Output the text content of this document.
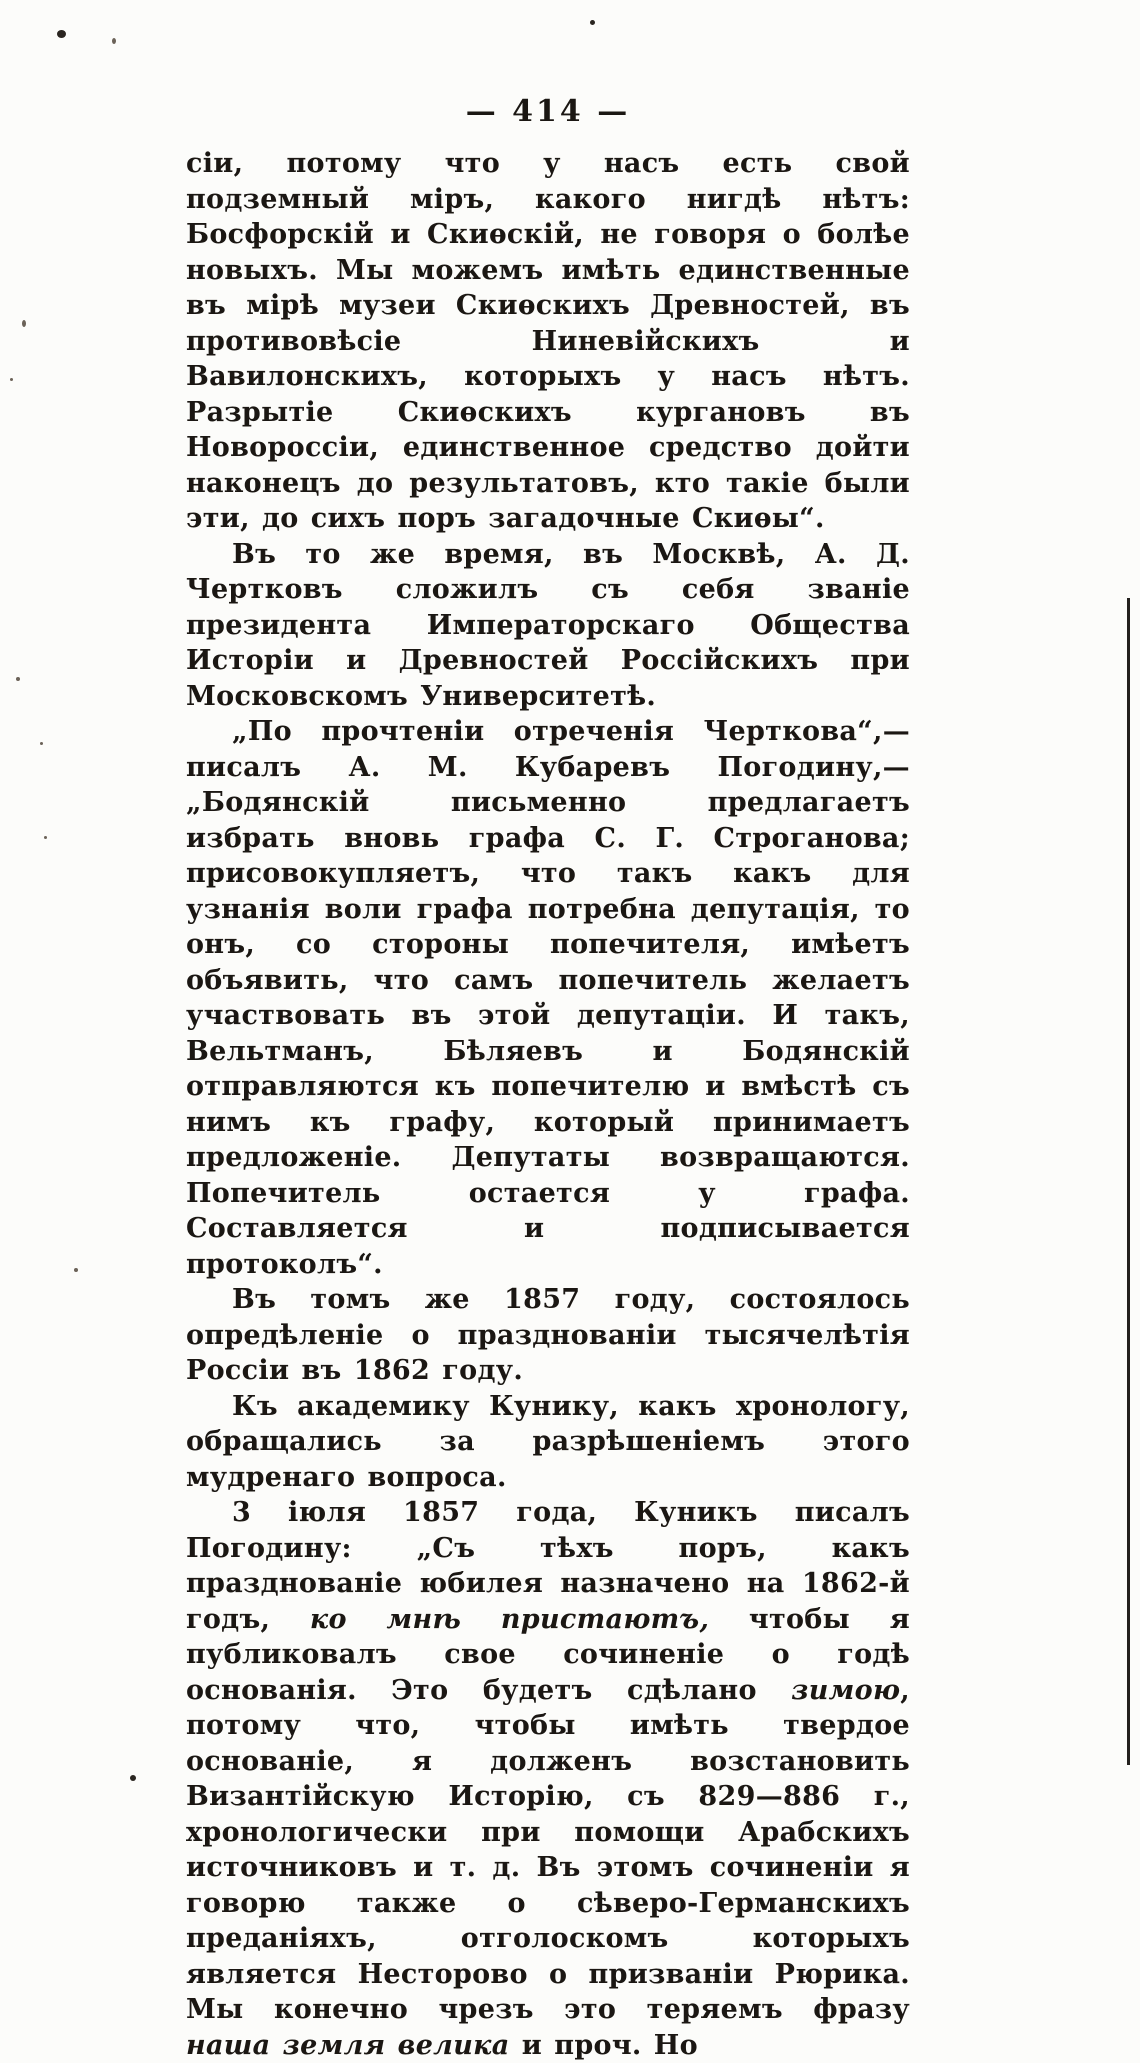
— 414 —

сіи, потому что у насъ есть свой подземный міръ, какого нигдѣ нѣтъ: Босфорскій и Скиѳскій, не говоря о болѣе новыхъ. Мы можемъ имѣть единственные въ мірѣ музеи Скиѳскихъ Древностей, въ противовѣсіе Ниневійскихъ и Вавилонскихъ, которыхъ у насъ нѣтъ. Разрытіе Скиѳскихъ кургановъ въ Новороссіи, единственное средство дойти наконецъ до результатовъ, кто такіе были эти, до сихъ поръ загадочные Скиѳы“.

Въ то же время, въ Москвѣ, А. Д. Чертковъ сложилъ съ себя званіе президента Императорскаго Общества Исторіи и Древностей Россійскихъ при Московскомъ Университетѣ.

„По прочтеніи отреченія Черткова“,—писалъ А. М. Кубаревъ Погодину,— „Бодянскій письменно предлагаетъ избрать вновь графа С. Г. Строганова; присовокупляетъ, что такъ какъ для узнанія воли графа потребна депутація, то онъ, со стороны попечителя, имѣетъ объявить, что самъ попечитель желаетъ участвовать въ этой депутаціи. И такъ, Вельтманъ, Бѣляевъ и Бодянскій отправляются къ попечителю и вмѣстѣ съ нимъ къ графу, который принимаетъ предложеніе. Депутаты возвращаются. Попечитель остается у графа. Составляется и подписывается протоколъ“.

Въ томъ же 1857 году, состоялось опредѣленіе о празднованіи тысячелѣтія Россіи въ 1862 году.

Къ академику Кунику, какъ хронологу, обращались за разрѣшеніемъ этого мудренаго вопроса.

3 іюля 1857 года, Куникъ писалъ Погодину: „Съ тѣхъ поръ, какъ празднованіе юбилея назначено на 1862-й годъ, ко мнѣ пристаютъ, чтобы я публиковалъ свое сочиненіе о годѣ основанія. Это будетъ сдѣлано зимою, потому что, чтобы имѣть твердое основаніе, я долженъ возстановить Византійскую Исторію, съ 829—886 г., хронологически при помощи Арабскихъ источниковъ и т. д. Въ этомъ сочиненіи я говорю также о сѣверо-Германскихъ преданіяхъ, отголоскомъ которыхъ является Несторово о призваніи Рюрика. Мы конечно чрезъ это теряемъ фразу наша земля велика и проч. Но
